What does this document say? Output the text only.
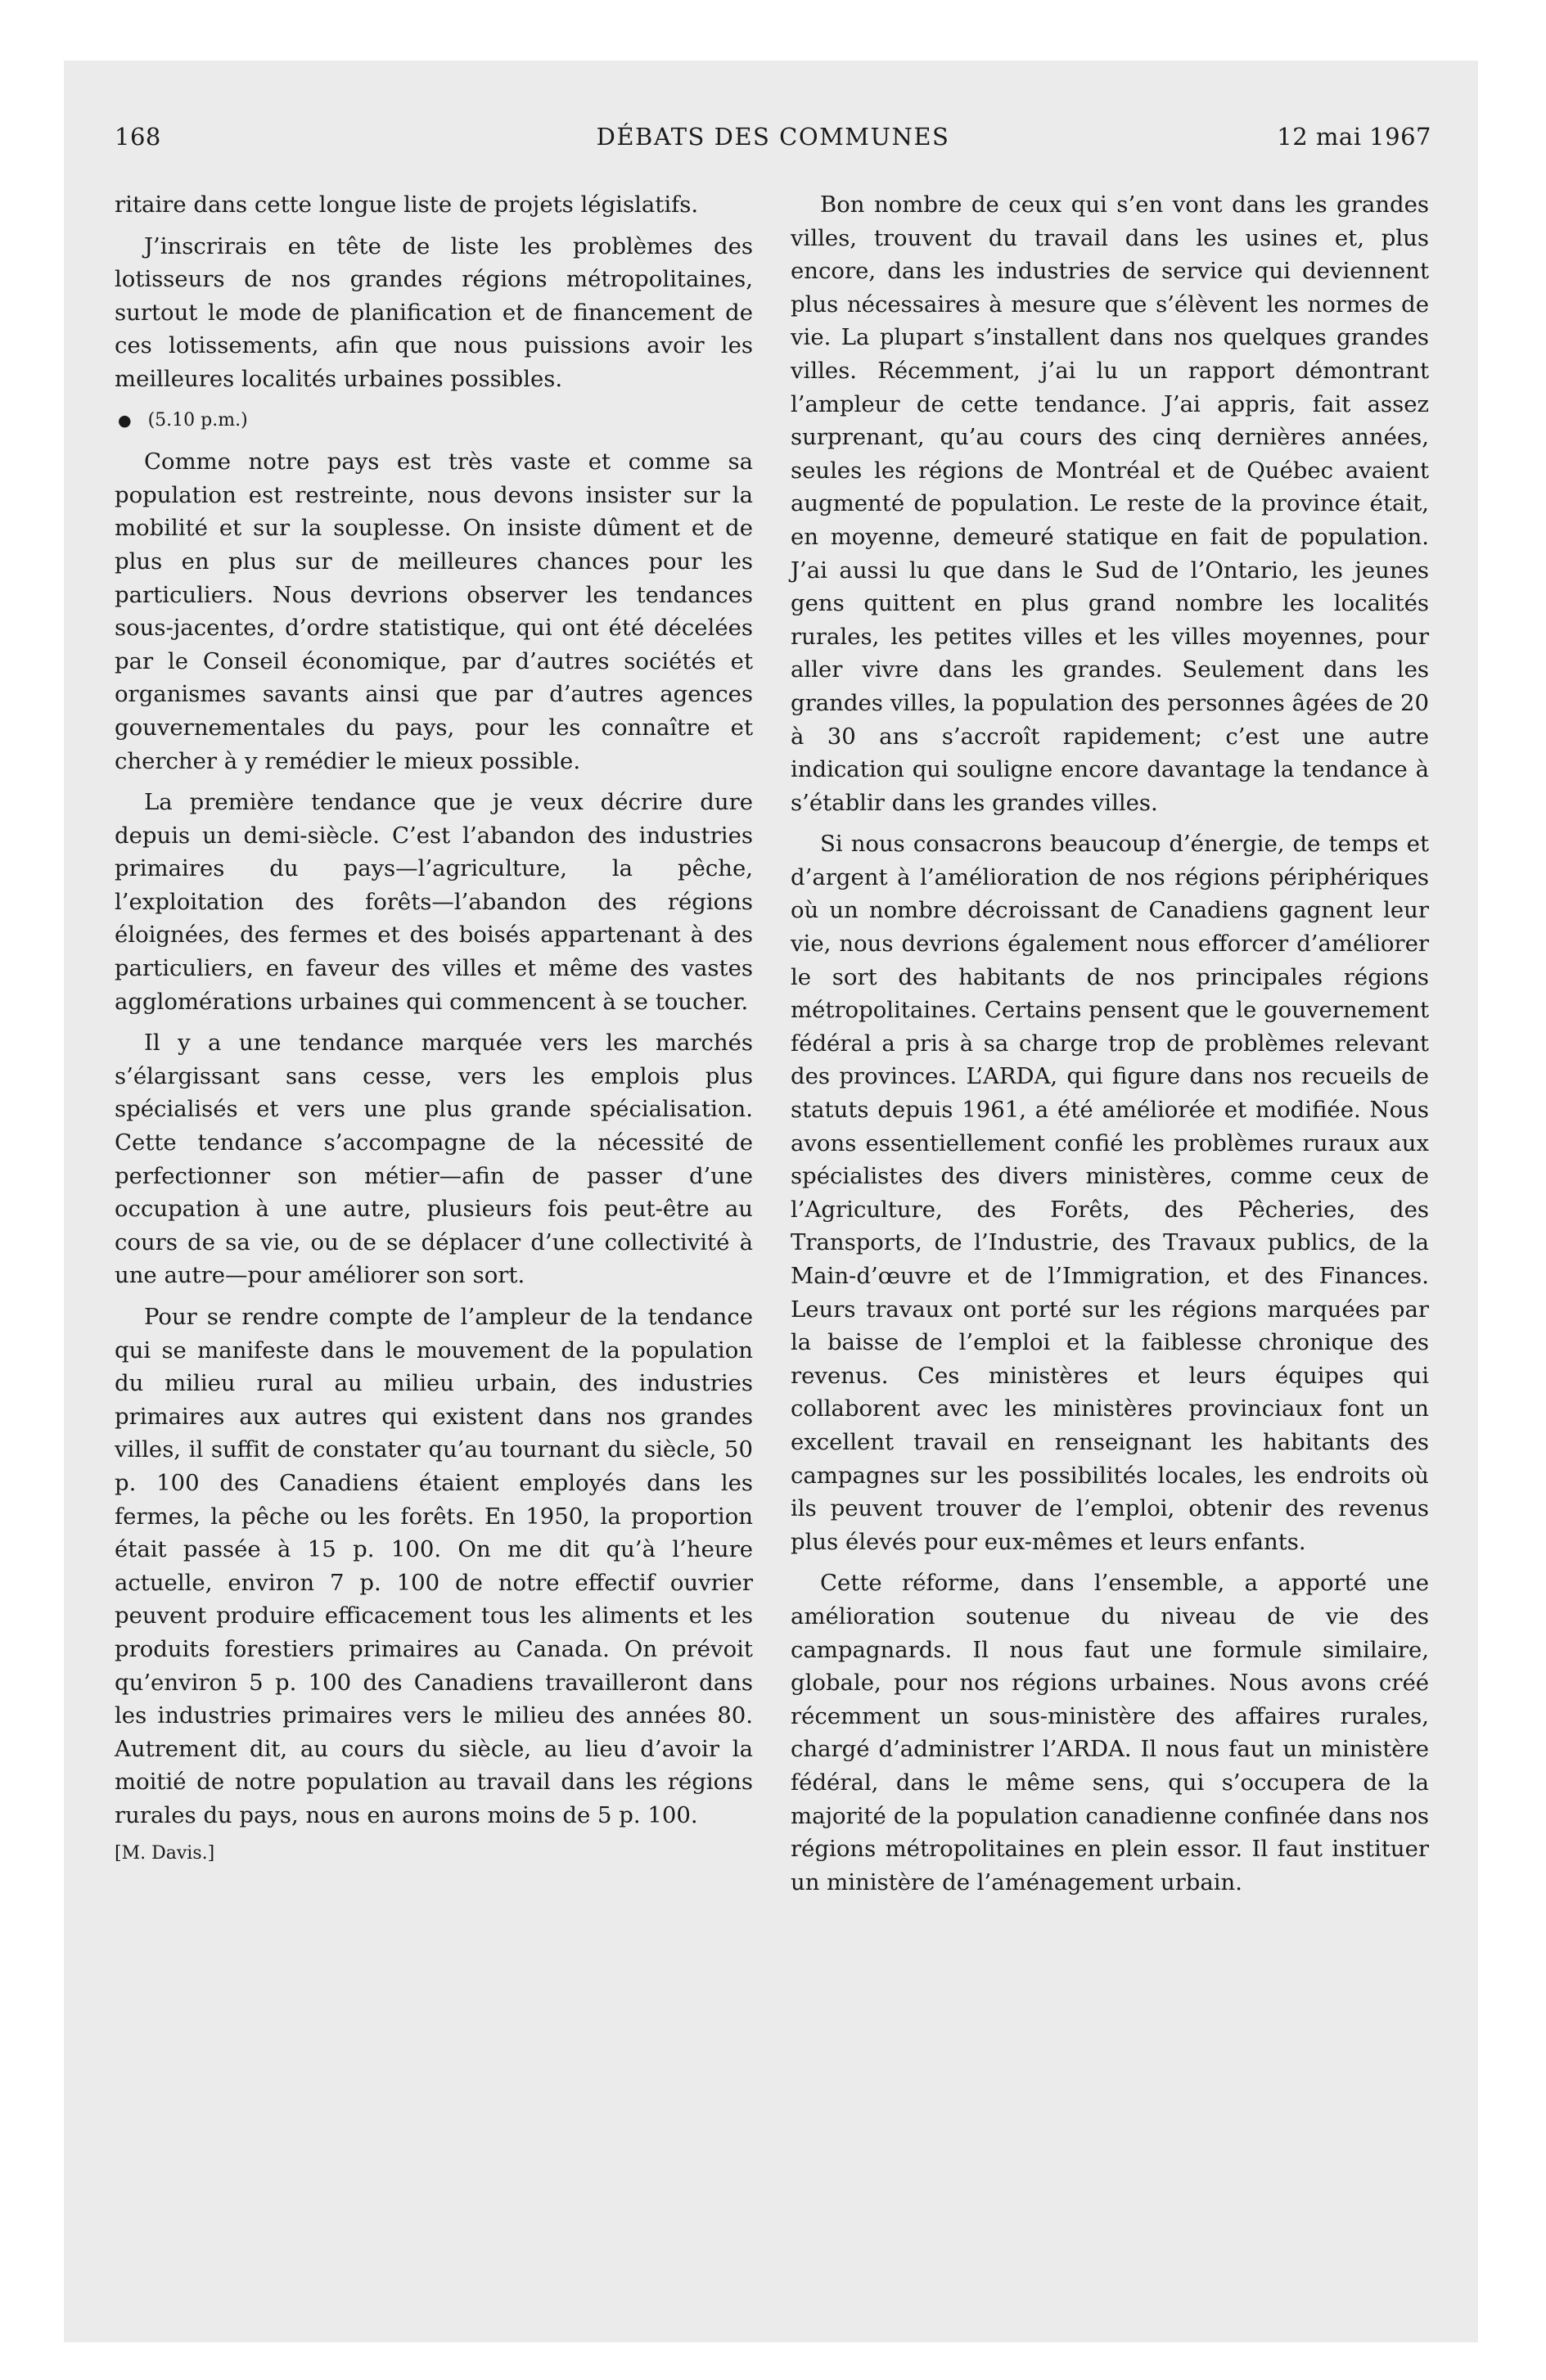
168	DÉBATS DES COMMUNES	12 mai 1967

ritaire dans cette longue liste de projets législatifs.

J’inscrirais en tête de liste les problèmes des lotisseurs de nos grandes régions métropolitaines, surtout le mode de planification et de financement de ces lotissements, afin que nous puissions avoir les meilleures localités urbaines possibles.

● (5.10 p.m.)

Comme notre pays est très vaste et comme sa population est restreinte, nous devons insister sur la mobilité et sur la souplesse. On insiste dûment et de plus en plus sur de meilleures chances pour les particuliers. Nous devrions observer les tendances sous-jacentes, d’ordre statistique, qui ont été décelées par le Conseil économique, par d’autres sociétés et organismes savants ainsi que par d’autres agences gouvernementales du pays, pour les connaître et chercher à y remédier le mieux possible.

La première tendance que je veux décrire dure depuis un demi-siècle. C’est l’abandon des industries primaires du pays—l’agriculture, la pêche, l’exploitation des forêts—l’abandon des régions éloignées, des fermes et des boisés appartenant à des particuliers, en faveur des villes et même des vastes agglomérations urbaines qui commencent à se toucher.

Il y a une tendance marquée vers les marchés s’élargissant sans cesse, vers les emplois plus spécialisés et vers une plus grande spécialisation. Cette tendance s’accompagne de la nécessité de perfectionner son métier—afin de passer d’une occupation à une autre, plusieurs fois peut-être au cours de sa vie, ou de se déplacer d’une collectivité à une autre—pour améliorer son sort.

Pour se rendre compte de l’ampleur de la tendance qui se manifeste dans le mouvement de la population du milieu rural au milieu urbain, des industries primaires aux autres qui existent dans nos grandes villes, il suffit de constater qu’au tournant du siècle, 50 p. 100 des Canadiens étaient employés dans les fermes, la pêche ou les forêts. En 1950, la proportion était passée à 15 p. 100. On me dit qu’à l’heure actuelle, environ 7 p. 100 de notre effectif ouvrier peuvent produire efficacement tous les aliments et les produits forestiers primaires au Canada. On prévoit qu’environ 5 p. 100 des Canadiens travailleront dans les industries primaires vers le milieu des années 80. Autrement dit, au cours du siècle, au lieu d’avoir la moitié de notre population au travail dans les régions rurales du pays, nous en aurons moins de 5 p. 100.

[M. Davis.]

Bon nombre de ceux qui s’en vont dans les grandes villes, trouvent du travail dans les usines et, plus encore, dans les industries de service qui deviennent plus nécessaires à mesure que s’élèvent les normes de vie. La plupart s’installent dans nos quelques grandes villes. Récemment, j’ai lu un rapport démontrant l’ampleur de cette tendance. J’ai appris, fait assez surprenant, qu’au cours des cinq dernières années, seules les régions de Montréal et de Québec avaient augmenté de population. Le reste de la province était, en moyenne, demeuré statique en fait de population. J’ai aussi lu que dans le Sud de l’Ontario, les jeunes gens quittent en plus grand nombre les localités rurales, les petites villes et les villes moyennes, pour aller vivre dans les grandes. Seulement dans les grandes villes, la population des personnes âgées de 20 à 30 ans s’accroît rapidement; c’est une autre indication qui souligne encore davantage la tendance à s’établir dans les grandes villes.

Si nous consacrons beaucoup d’énergie, de temps et d’argent à l’amélioration de nos régions périphériques où un nombre décroissant de Canadiens gagnent leur vie, nous devrions également nous efforcer d’améliorer le sort des habitants de nos principales régions métropolitaines. Certains pensent que le gouvernement fédéral a pris à sa charge trop de problèmes relevant des provinces. L’ARDA, qui figure dans nos recueils de statuts depuis 1961, a été améliorée et modifiée. Nous avons essentiellement confié les problèmes ruraux aux spécialistes des divers ministères, comme ceux de l’Agriculture, des Forêts, des Pêcheries, des Transports, de l’Industrie, des Travaux publics, de la Main-d’œuvre et de l’Immigration, et des Finances. Leurs travaux ont porté sur les régions marquées par la baisse de l’emploi et la faiblesse chronique des revenus. Ces ministères et leurs équipes qui collaborent avec les ministères provinciaux font un excellent travail en renseignant les habitants des campagnes sur les possibilités locales, les endroits où ils peuvent trouver de l’emploi, obtenir des revenus plus élevés pour eux-mêmes et leurs enfants.

Cette réforme, dans l’ensemble, a apporté une amélioration soutenue du niveau de vie des campagnards. Il nous faut une formule similaire, globale, pour nos régions urbaines. Nous avons créé récemment un sous-ministère des affaires rurales, chargé d’administrer l’ARDA. Il nous faut un ministère fédéral, dans le même sens, qui s’occupera de la majorité de la population canadienne confinée dans nos régions métropolitaines en plein essor. Il faut instituer un ministère de l’aménagement urbain.
